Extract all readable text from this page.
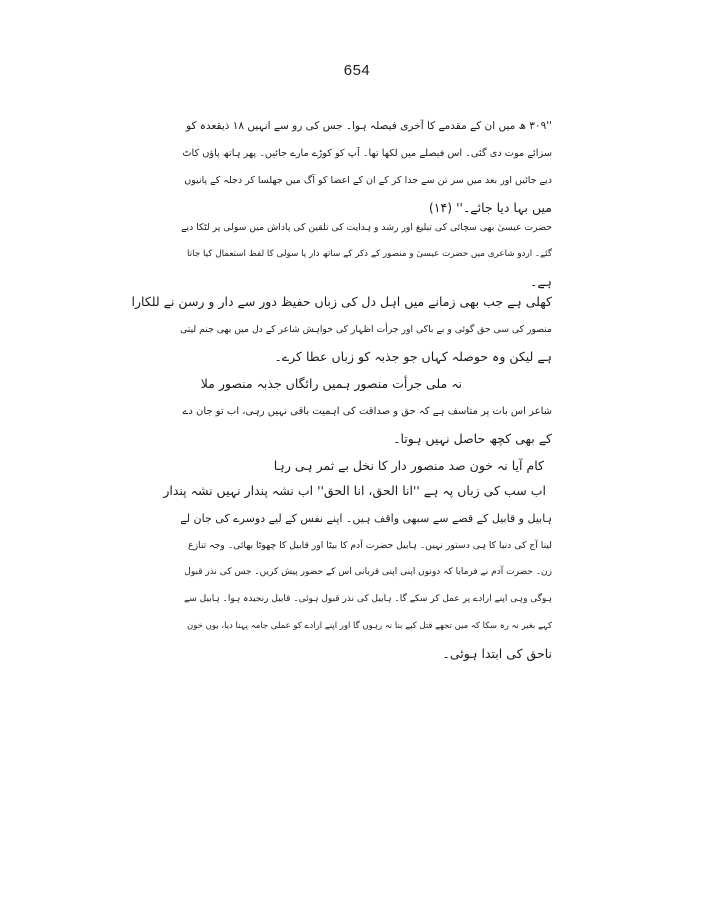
654
''۳۰۹ ھ میں ان کے مقدمے کا آخری فیصلہ ہوا۔ جس کی رو سے انہیں ۱۸ ذیقعدہ کو
سزائے موت دی گئی۔ اس فیصلے میں لکھا تھا۔ آپ کو کوڑے مارے جائیں۔ پھر ہاتھ پاؤں کاٹ
دیے جائیں اور بعد میں سر تن سے جدا کر کے ان کے اعضا کو آگ میں جھلسا کر دجلہ کے پانیوں
میں بہا دیا جائے۔'' (۱۴)
حضرت عیسیٰ بھی سچائی کی تبلیغ اور رشد و ہدایت کی تلقین کی پاداش میں سولی پر لٹکا دیے
گئے۔ اردو شاعری میں حضرت عیسیٰ و منصور کے ذکر کے ساتھ دار یا سولی کا لفظ استعمال کیا جاتا
ہے۔
کھلی ہے جب بھی زمانے میں اہل دل کی زباں حفیظ دور سے دار و رسن نے للکارا
منصور کی سی حق گوئی و بے باکی اور جرأت اظہار کی خواہش شاعر کے دل میں بھی جنم لیتی
ہے لیکن وہ حوصلہ کہاں جو جذبہ کو زباں عطا کرے۔
نہ ملی جرأت منصور ہمیں رائگاں جذبہ منصور ملا
شاعر اس بات پر متاسف ہے کہ حق و صداقت کی اہمیت باقی نہیں رہی، اب تو جان دے
کے بھی کچھ حاصل نہیں ہوتا۔
کام آیا نہ خون صد منصور دار کا نخل بے ثمر ہی رہا
اب سب کی زباں پہ ہے ''انا الحق، انا الحق'' اب نشہ پندار نہیں نشہ پندار
ہابیل و قابیل کے قصے سے سبھی واقف ہیں۔ اپنے نفس کے لیے دوسرے کی جان لے
لینا آج کی دنیا کا ہی دستور نہیں۔ ہابیل حضرت آدم کا بیٹا اور قابیل کا چھوٹا بھائی۔ وجہ تنازع
زن۔ حضرت آدم نے فرمایا کہ دونوں اپنی اپنی قربانی اس کے حضور پیش کریں۔ جس کی نذر قبول
ہوگی وہی اپنے ارادے پر عمل کر سکے گا۔ ہابیل کی نذر قبول ہوئی۔ قابیل رنجیدہ ہوا۔ ہابیل سے
کہے بغیر نہ رہ سکا کہ میں تجھے قتل کیے بنا نہ رہوں گا اور اپنے ارادے کو عملی جامہ پہنا دیا، یوں خون
ناحق کی ابتدا ہوئی۔
